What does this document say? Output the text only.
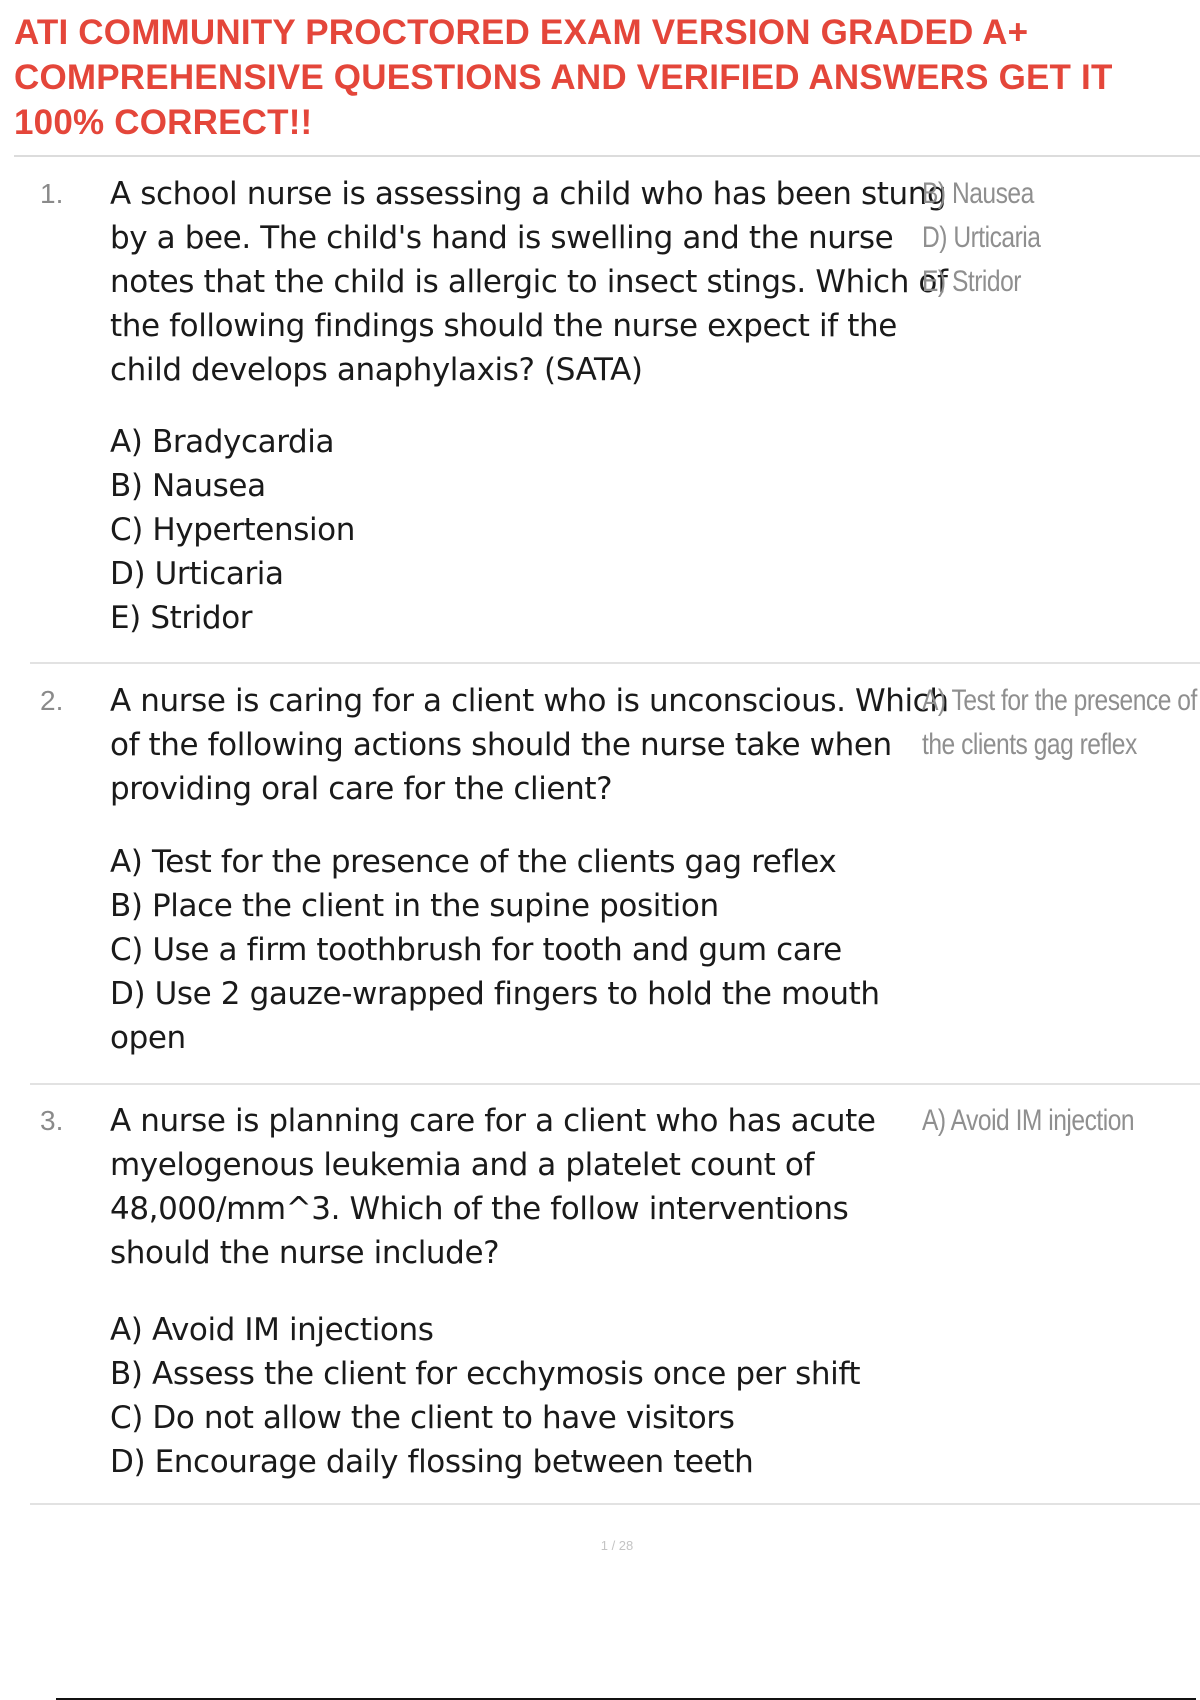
ATI COMMUNITY PROCTORED EXAM VERSION GRADED A+ COMPREHENSIVE QUESTIONS AND VERIFIED ANSWERS GET IT 100% CORRECT!!
1. A school nurse is assessing a child who has been stung by a bee. The child's hand is swelling and the nurse notes that the child is allergic to insect stings. Which of the following findings should the nurse expect if the child develops anaphylaxis? (SATA)

A) Bradycardia
B) Nausea
C) Hypertension
D) Urticaria
E) Stridor
B) Nausea
D) Urticaria
E) Stridor
2. A nurse is caring for a client who is unconscious. Which of the following actions should the nurse take when providing oral care for the client?

A) Test for the presence of the clients gag reflex
B) Place the client in the supine position
C) Use a firm toothbrush for tooth and gum care
D) Use 2 gauze-wrapped fingers to hold the mouth open
A) Test for the presence of the clients gag reflex
3. A nurse is planning care for a client who has acute myelogenous leukemia and a platelet count of 48,000/mm^3. Which of the follow interventions should the nurse include?

A) Avoid IM injections
B) Assess the client for ecchymosis once per shift
C) Do not allow the client to have visitors
D) Encourage daily flossing between teeth
A) Avoid IM injection
1 / 28
